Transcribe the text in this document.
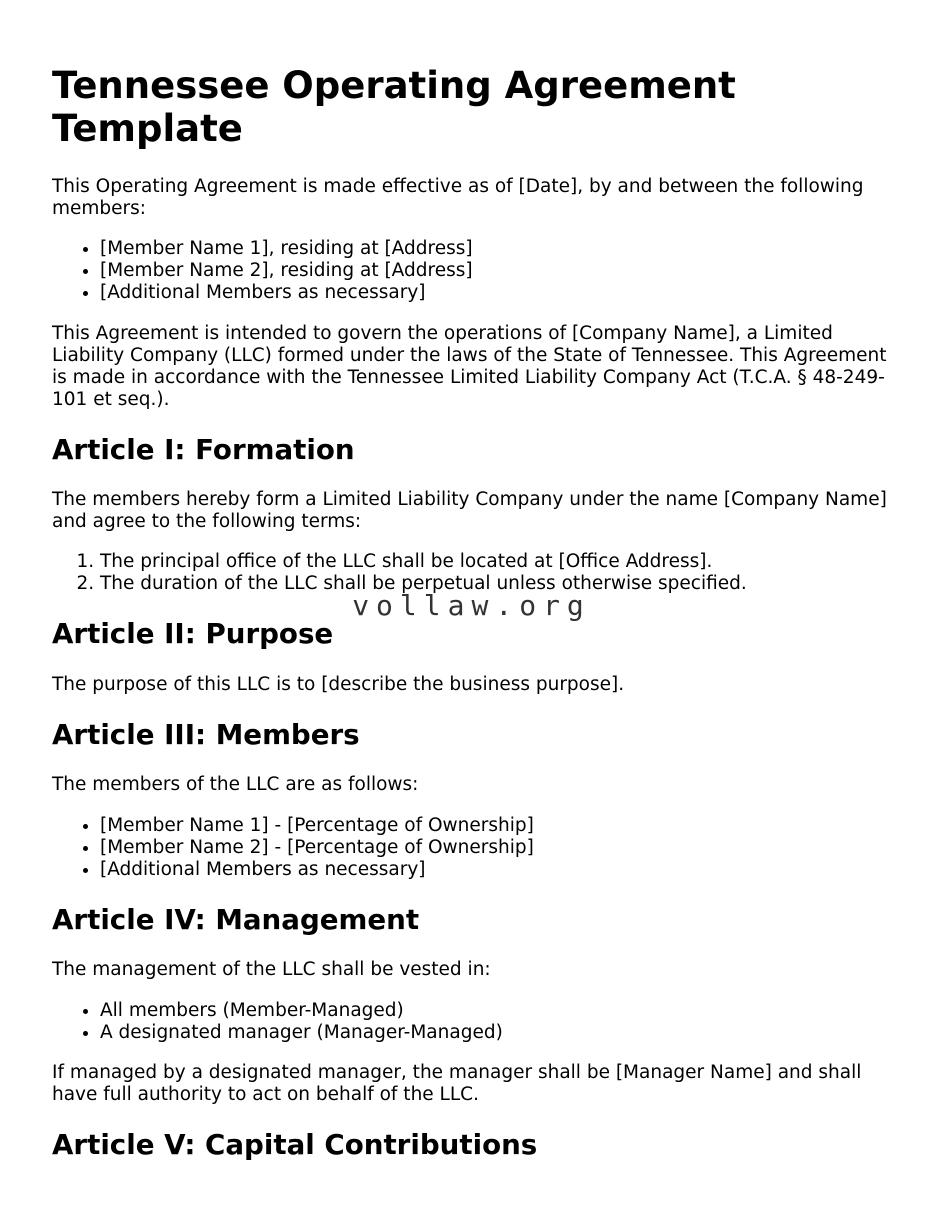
Tennessee Operating Agreement Template

This Operating Agreement is made effective as of [Date], by and between the following members:

• [Member Name 1], residing at [Address]
• [Member Name 2], residing at [Address]
• [Additional Members as necessary]

This Agreement is intended to govern the operations of [Company Name], a Limited Liability Company (LLC) formed under the laws of the State of Tennessee. This Agreement is made in accordance with the Tennessee Limited Liability Company Act (T.C.A. § 48-249-101 et seq.).

Article I: Formation

The members hereby form a Limited Liability Company under the name [Company Name] and agree to the following terms:

1. The principal office of the LLC shall be located at [Office Address].
2. The duration of the LLC shall be perpetual unless otherwise specified.
Article II: Purpose

The purpose of this LLC is to [describe the business purpose].

Article III: Members

The members of the LLC are as follows:

• [Member Name 1] - [Percentage of Ownership]
• [Member Name 2] - [Percentage of Ownership]
• [Additional Members as necessary]
Article IV: Management

The management of the LLC shall be vested in:

• All members (Member-Managed)
• A designated manager (Manager-Managed)

If managed by a designated manager, the manager shall be [Manager Name] and shall have full authority to act on behalf of the LLC.

Article V: Capital Contributions
vollaw.org
